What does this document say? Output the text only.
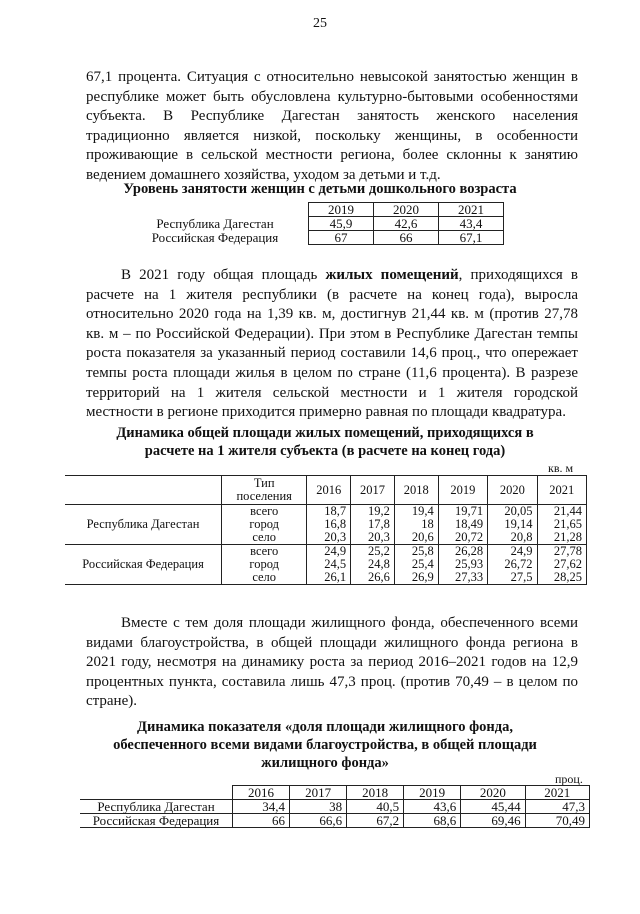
25

67,1 процента. Ситуация с относительно невысокой занятостью женщин в республике может быть обусловлена культурно-бытовыми особенностями субъекта. В Республике Дагестан занятость женского населения традиционно является низкой, поскольку женщины, в особенности проживающие в сельской местности региона, более склонны к занятию ведением домашнего хозяйства, уходом за детьми и т.д.

Уровень занятости женщин с детьми дошкольного возраста
	2019	2020	2021
Республика Дагестан	45,9	42,6	43,4
Российская Федерация	67	66	67,1

В 2021 году общая площадь жилых помещений, приходящихся в расчете на 1 жителя республики (в расчете на конец года), выросла относительно 2020 года на 1,39 кв. м, достигнув 21,44 кв. м (против 27,78 кв. м – по Российской Федерации). При этом в Республике Дагестан темпы роста показателя за указанный период составили 14,6 проц., что опережает темпы роста площади жилья в целом по стране (11,6 процента). В разрезе территорий на 1 жителя сельской местности и 1 жителя городской местности в регионе приходится примерно равная по площади квадратура.

Динамика общей площади жилых помещений, приходящихся в
расчете на 1 жителя субъекта (в расчете на конец года)
кв. м
	Тип
поселения	2016	2017	2018	2019	2020	2021
Республика Дагестан	всего	18,7	19,2	19,4	19,71	20,05	21,44
	город	16,8	17,8	18	18,49	19,14	21,65
	село	20,3	20,3	20,6	20,72	20,8	21,28
Российская Федерация	всего	24,9	25,2	25,8	26,28	24,9	27,78
	город	24,5	24,8	25,4	25,93	26,72	27,62
	село	26,1	26,6	26,9	27,33	27,5	28,25

Вместе с тем доля площади жилищного фонда, обеспеченного всеми видами благоустройства, в общей площади жилищного фонда региона в 2021 году, несмотря на динамику роста за период 2016–2021 годов на 12,9 процентных пункта, составила лишь 47,3 проц. (против 70,49 – в целом по стране).

Динамика показателя «доля площади жилищного фонда,
обеспеченного всеми видами благоустройства, в общей площади
жилищного фонда»
проц.
	2016	2017	2018	2019	2020	2021
Республика Дагестан	34,4	38	40,5	43,6	45,44	47,3
Российская Федерация	66	66,6	67,2	68,6	69,46	70,49
